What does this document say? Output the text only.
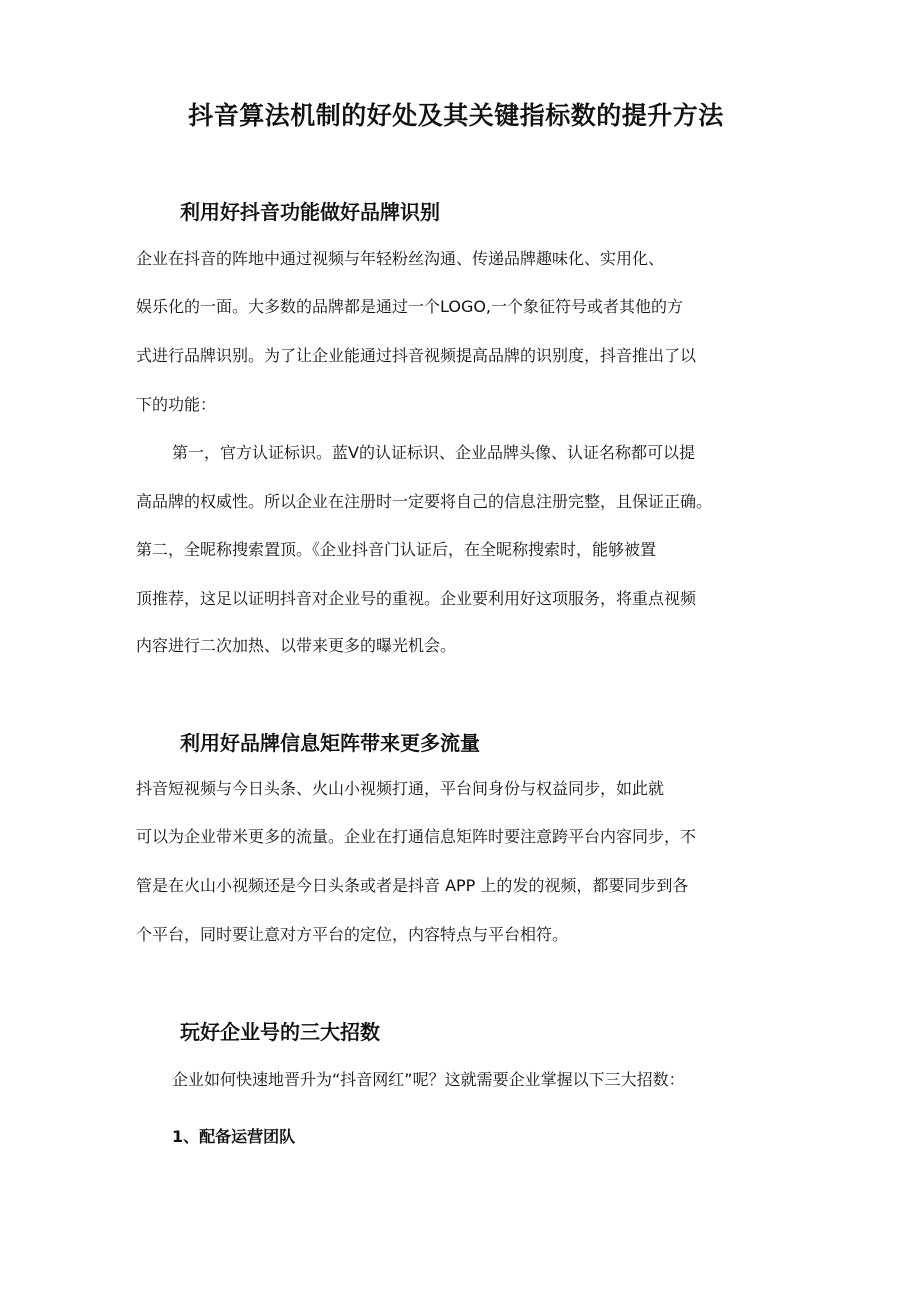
抖音算法机制的好处及其关键指标数的提升方法
利用好抖音功能做好品牌识别
企业在抖音的阵地中通过视频与年轻粉丝沟通、传递品牌趣味化、实用化、
娱乐化的一面。大多数的品牌都是通过一个LOGO,一个象征符号或者其他的方
式进行品牌识别。为了让企业能通过抖音视频提高品牌的识别度，抖音推出了以
下的功能：
第一，官方认证标识。蓝V的认证标识、企业品牌头像、认证名称都可以提
高品牌的权威性。所以企业在注册时一定要将自己的信息注册完整，且保证正确。
第二，全昵称搜索置顶。《企业抖音门认证后，在全昵称搜索时，能够被置
顶推荐，这足以证明抖音对企业号的重视。企业要利用好这项服务，将重点视频
内容进行二次加热、以带来更多的曝光机会。
利用好品牌信息矩阵带来更多流量
抖音短视频与今日头条、火山小视频打通，平台间身份与权益同步，如此就
可以为企业带米更多的流量。企业在打通信息矩阵时要注意跨平台内容同步，不
管是在火山小视频还是今日头条或者是抖音 APP 上的发的视频，都要同步到各
个平台，同时要让意对方平台的定位，内容特点与平台相符。
玩好企业号的三大招数
企业如何快速地晋升为“抖音网红”呢？这就需要企业掌握以下三大招数：
1、配备运营团队
